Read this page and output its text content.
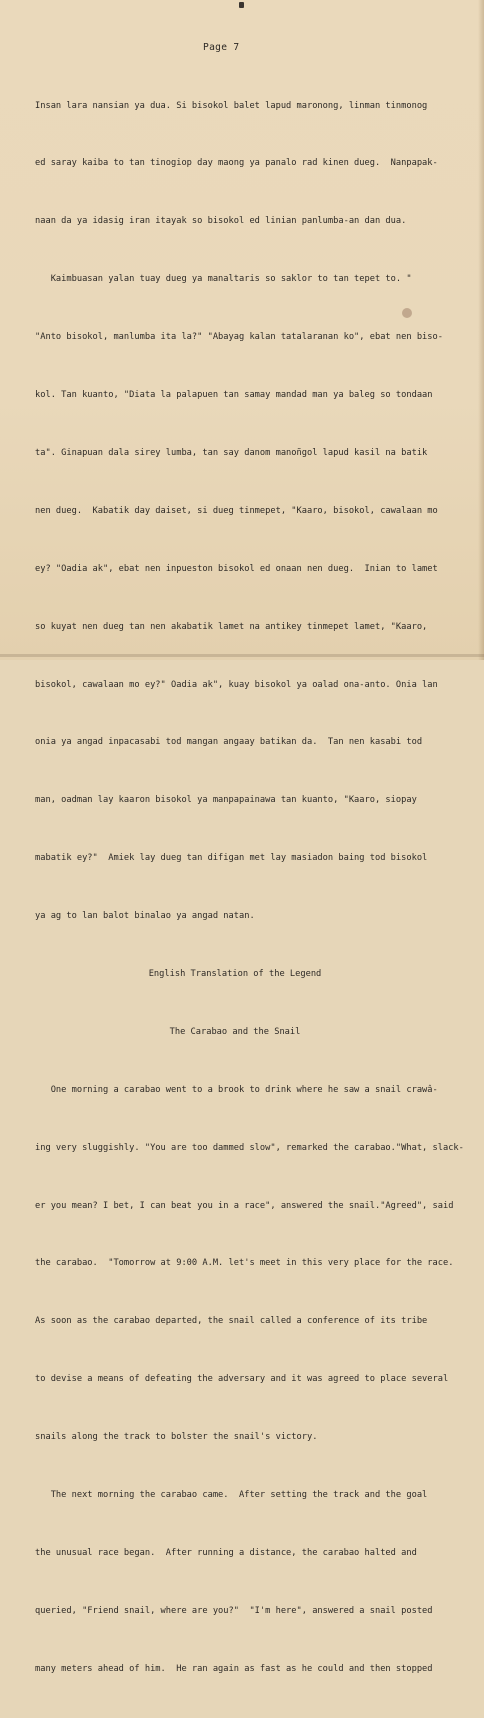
Page 7

Insan lara nansian ya dua. Si bisokol balet lapud maronong, linman tinmonog

ed saray kaiba to tan tinogiop day maong ya panalo rad kinen dueg.  Nanpapak-

naan da ya idasig iran itayak so bisokol ed linian panlumba-an dan dua.

Kaimbuasan yalan tuay dueg ya manaltaris so saklor to tan tepet to. "

"Anto bisokol, manlumba ita la?" "Abayag kalan tatalaranan ko", ebat nen biso-

kol. Tan kuanto, "Diata la palapuen tan samay mandad man ya baleg so tondaan

ta". Ginapuan dala sirey lumba, tan say danom manoñgol lapud kasil na batik

nen dueg.  Kabatik day daiset, si dueg tinmepet, "Kaaro, bisokol, cawalaan mo

ey? "Oadia ak", ebat nen inpueston bisokol ed onaan nen dueg.  Inian to lamet

so kuyat nen dueg tan nen akabatik lamet na antikey tinmepet lamet, "Kaaro,

bisokol, cawalaan mo ey?" Oadia ak", kuay bisokol ya oalad ona-anto. Onia lan

onia ya angad inpacasabi tod mangan angaay batikan da.  Tan nen kasabi tod

man, oadman lay kaaron bisokol ya manpapainawa tan kuanto, "Kaaro, siopay

mabatik ey?"  Amiek lay dueg tan difigan met lay masiadon baing tod bisokol

ya ag to lan balot binalao ya angad natan.

English Translation of the Legend

The Carabao and the Snail

One morning a carabao went to a brook to drink where he saw a snail crawâ-

ing very sluggishly. "You are too dammed slow", remarked the carabao."What, slack-

er you mean? I bet, I can beat you in a race", answered the snail."Agreed", said

the carabao.  "Tomorrow at 9:00 A.M. let's meet in this very place for the race.

As soon as the carabao departed, the snail called a conference of its tribe

to devise a means of defeating the adversary and it was agreed to place several

snails along the track to bolster the snail's victory.

The next morning the carabao came.  After setting the track and the goal

the unusual race began.  After running a distance, the carabao halted and

queried, "Friend snail, where are you?"  "I'm here", answered a snail posted

many meters ahead of him.  He ran again as fast as he could and then stopped
